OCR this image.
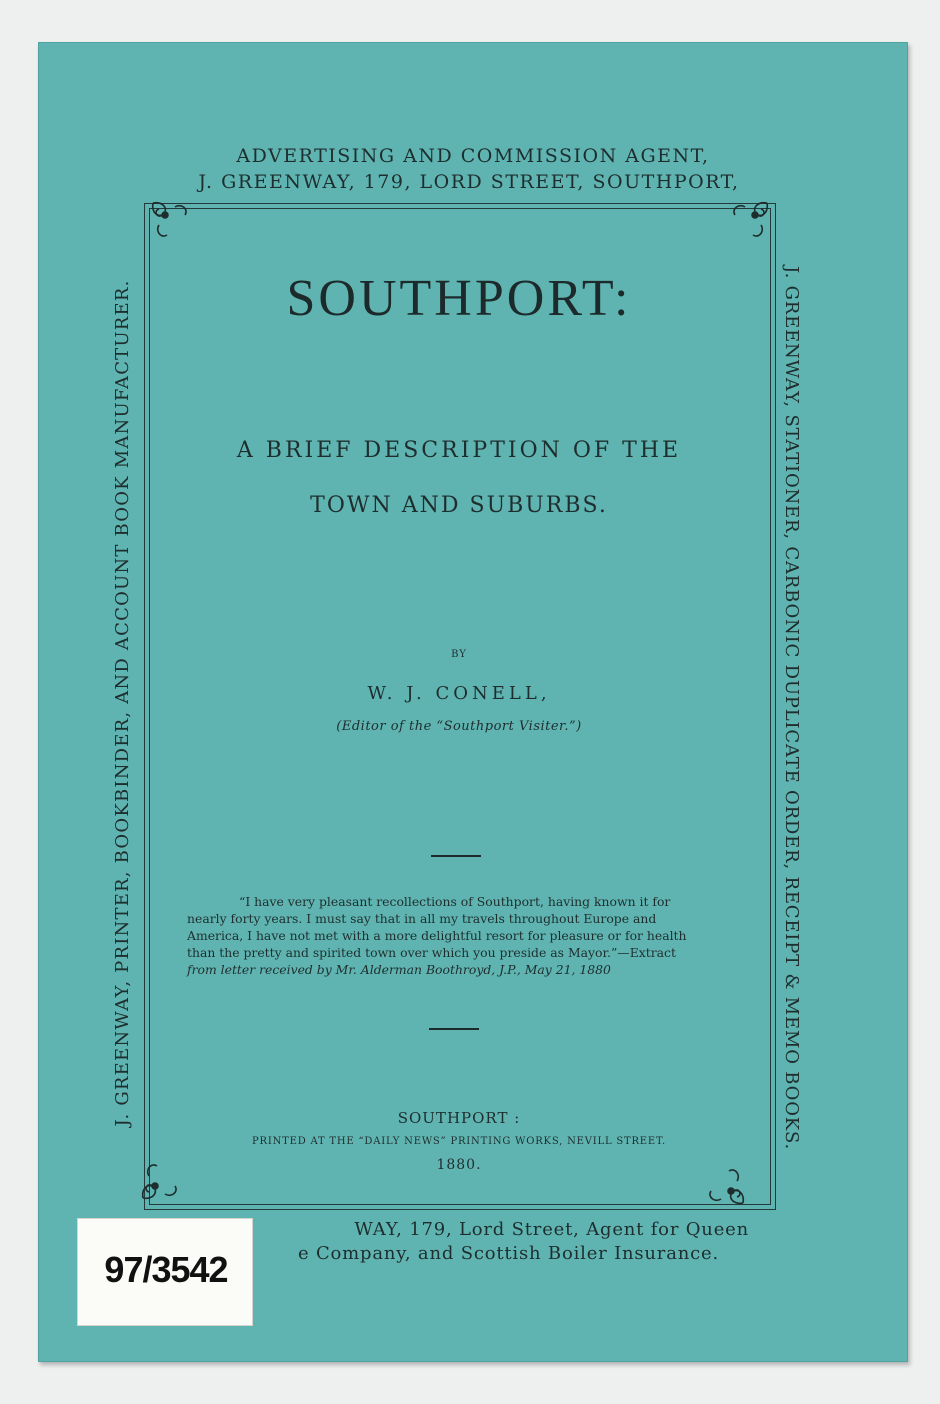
ADVERTISING AND COMMISSION AGENT,
J. GREENWAY, 179, LORD STREET, SOUTHPORT,
SOUTHPORT:
A BRIEF DESCRIPTION OF THE
TOWN AND SUBURBS.
BY
W. J. CONELL,
(Editor of the “Southport Visiter.”)
“I have very pleasant recollections of Southport, having known it for
nearly forty years. I must say that in all my travels throughout Europe and
America, I have not met with a more delightful resort for pleasure or for health
than the pretty and spirited town over which you preside as Mayor.”—Extract
from letter received by Mr. Alderman Boothroyd, J.P., May 21, 1880
SOUTHPORT :
PRINTED AT THE “DAILY NEWS” PRINTING WORKS, NEVILL STREET.
1880.
WAY, 179, Lord Street, Agent for Queen
e Company, and Scottish Boiler Insurance.
J. GREENWAY, PRINTER, BOOKBINDER, AND ACCOUNT BOOK MANUFACTURER.	J. GREENWAY, STATIONER, CARBONIC DUPLICATE ORDER, RECEIPT & MEMO BOOKS.
97/3542
